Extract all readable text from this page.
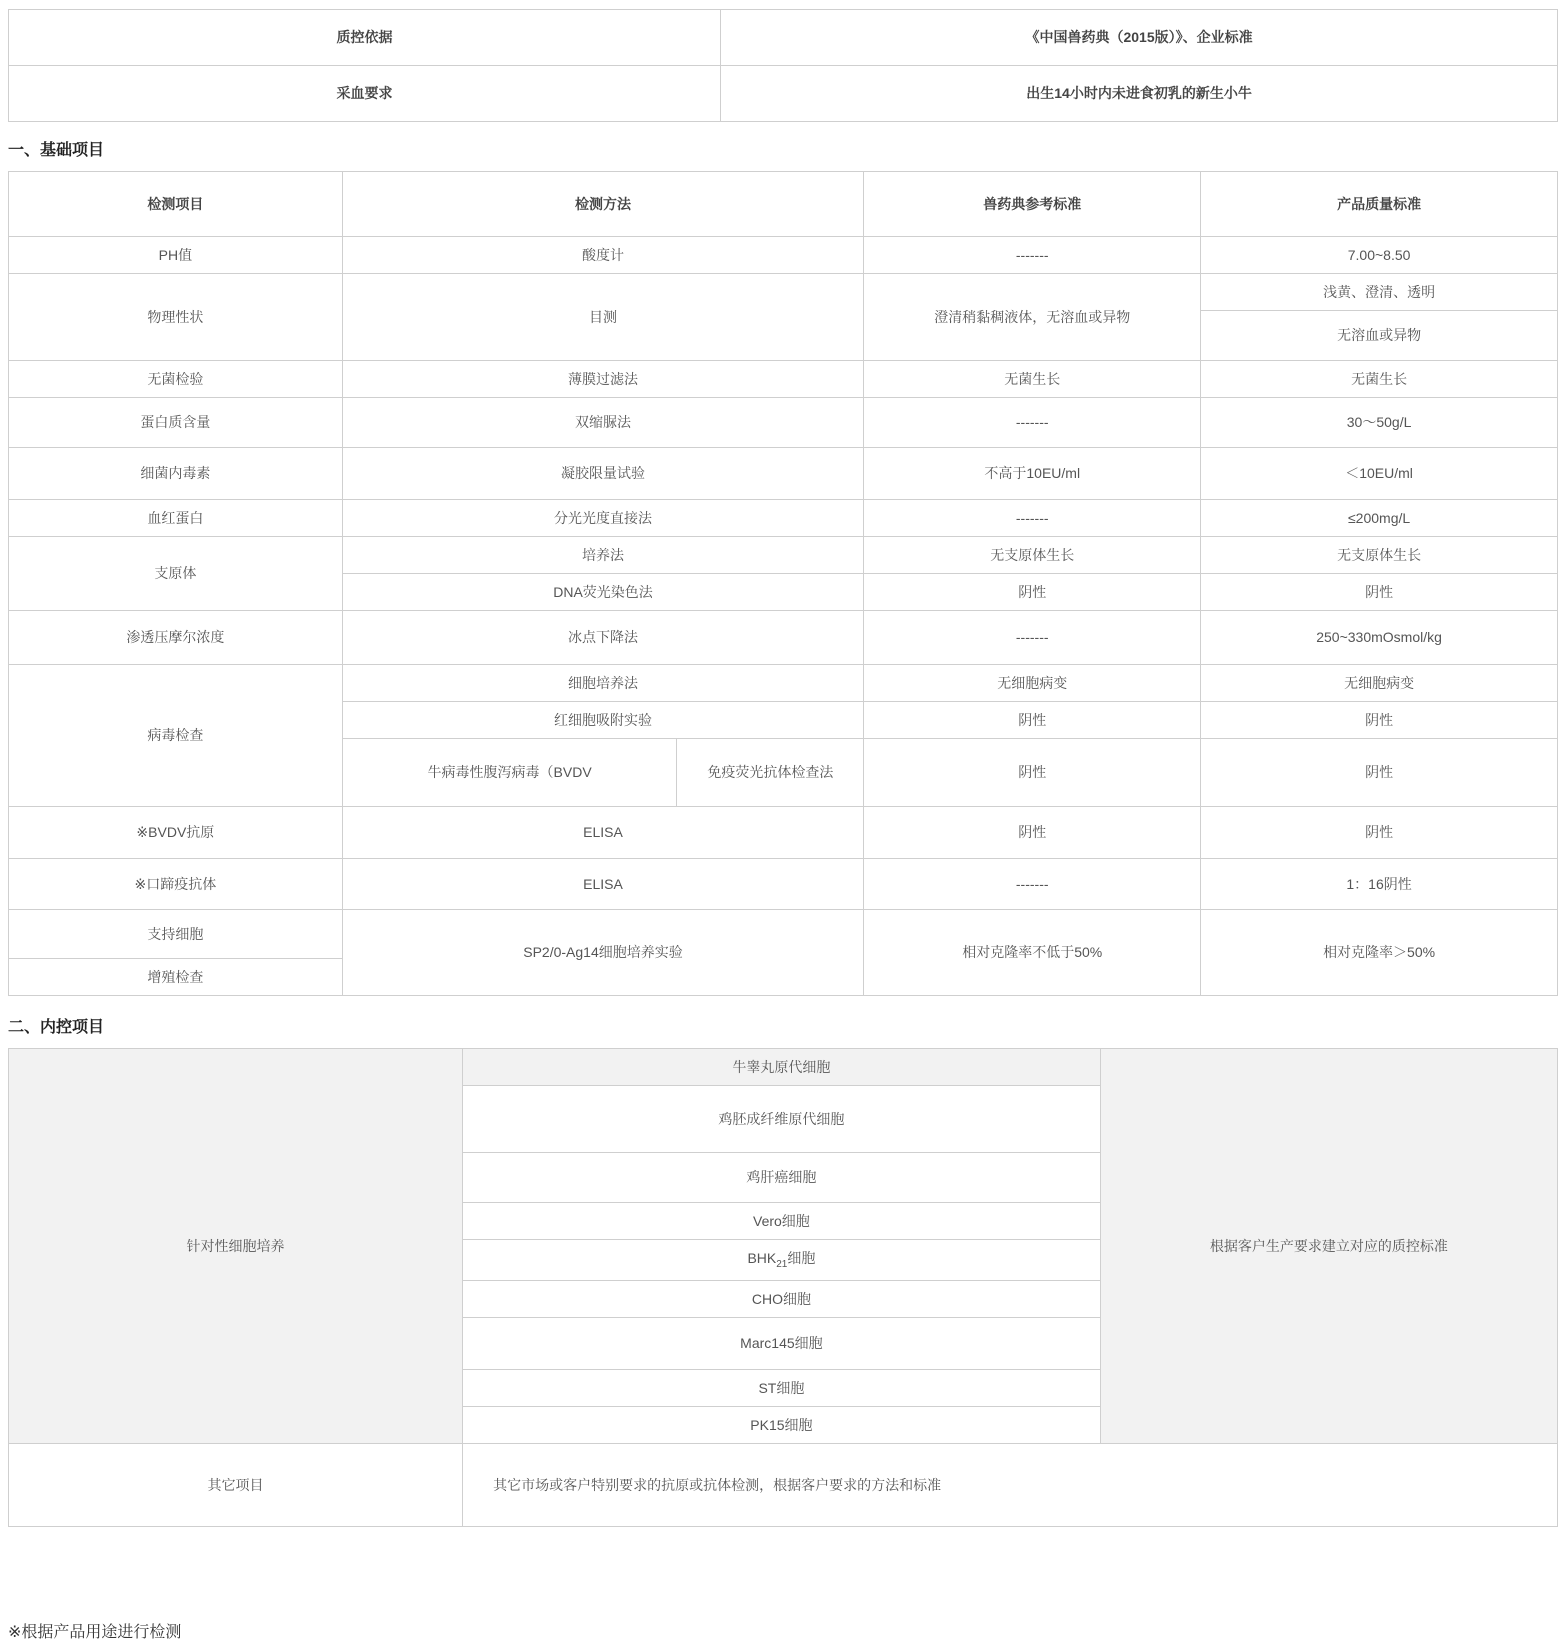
质控依据	《中国兽药典（2015版）》、企业标准
采血要求	出生14小时内未进食初乳的新生小牛
一、基础项目
检测项目	检测方法		兽药典参考标准	产品质量标准
PH值	酸度计		-------	7.00~8.50
物理性状	目测		澄清稍黏稠液体，无溶血或异物	浅黄、澄清、透明
				无溶血或异物
无菌检验	薄膜过滤法		无菌生长	无菌生长
蛋白质含量	双缩脲法		-------	30～50g/L
细菌内毒素	凝胶限量试验		不高于10EU/ml	＜10EU/ml
血红蛋白	分光光度直接法		-------	≤200mg/L
支原体	培养法		无支原体生长	无支原体生长
	DNA荧光染色法		阴性	阴性
渗透压摩尔浓度	冰点下降法		-------	250~330mOsmol/kg
病毒检查	细胞培养法		无细胞病变	无细胞病变
	红细胞吸附实验		阴性	阴性
	牛病毒性腹泻病毒（BVDV	免疫荧光抗体检查法	阴性	阴性
※BVDV抗原	ELISA		阴性	阴性
※口蹄疫抗体	ELISA		-------	1：16阴性
支持细胞	SP2/0-Ag14细胞培养实验		相对克隆率不低于50%	相对克隆率＞50%
增殖检查				
二、内控项目
针对性细胞培养	牛睾丸原代细胞	根据客户生产要求建立对应的质控标准
	鸡胚成纤维原代细胞	
	鸡肝癌细胞	
	Vero细胞	
	$BHK_{21}$细胞	
	CHO细胞	
	Marc145细胞	
	ST细胞	
	PK15细胞	
其它项目	其它市场或客户特别要求的抗原或抗体检测，根据客户要求的方法和标准	

※根据产品用途进行检测
